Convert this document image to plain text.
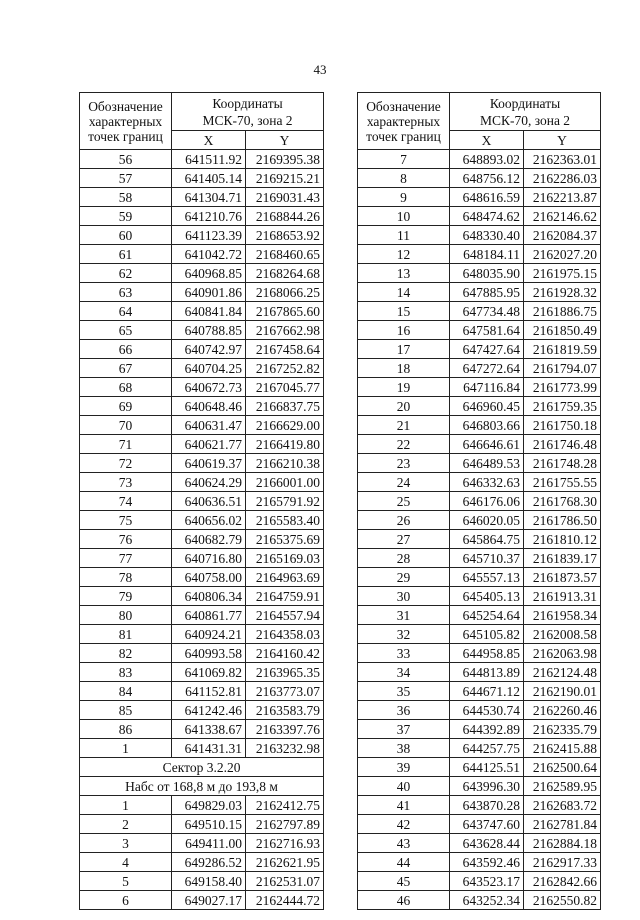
43
Обозначение
характерных
точек границ	Координаты
МСК-70, зона 2	
	X	Y
56	641511.92	2169395.38
57	641405.14	2169215.21
58	641304.71	2169031.43
59	641210.76	2168844.26
60	641123.39	2168653.92
61	641042.72	2168460.65
62	640968.85	2168264.68
63	640901.86	2168066.25
64	640841.84	2167865.60
65	640788.85	2167662.98
66	640742.97	2167458.64
67	640704.25	2167252.82
68	640672.73	2167045.77
69	640648.46	2166837.75
70	640631.47	2166629.00
71	640621.77	2166419.80
72	640619.37	2166210.38
73	640624.29	2166001.00
74	640636.51	2165791.92
75	640656.02	2165583.40
76	640682.79	2165375.69
77	640716.80	2165169.03
78	640758.00	2164963.69
79	640806.34	2164759.91
80	640861.77	2164557.94
81	640924.21	2164358.03
82	640993.58	2164160.42
83	641069.82	2163965.35
84	641152.81	2163773.07
85	641242.46	2163583.79
86	641338.67	2163397.76
1	641431.31	2163232.98
Сектор 3.2.20		
Набс от 168,8 м до 193,8 м		
1	649829.03	2162412.75
2	649510.15	2162797.89
3	649411.00	2162716.93
4	649286.52	2162621.95
5	649158.40	2162531.07
6	649027.17	2162444.72
Обозначение
характерных
точек границ	Координаты
МСК-70, зона 2	
	X	Y
7	648893.02	2162363.01
8	648756.12	2162286.03
9	648616.59	2162213.87
10	648474.62	2162146.62
11	648330.40	2162084.37
12	648184.11	2162027.20
13	648035.90	2161975.15
14	647885.95	2161928.32
15	647734.48	2161886.75
16	647581.64	2161850.49
17	647427.64	2161819.59
18	647272.64	2161794.07
19	647116.84	2161773.99
20	646960.45	2161759.35
21	646803.66	2161750.18
22	646646.61	2161746.48
23	646489.53	2161748.28
24	646332.63	2161755.55
25	646176.06	2161768.30
26	646020.05	2161786.50
27	645864.75	2161810.12
28	645710.37	2161839.17
29	645557.13	2161873.57
30	645405.13	2161913.31
31	645254.64	2161958.34
32	645105.82	2162008.58
33	644958.85	2162063.98
34	644813.89	2162124.48
35	644671.12	2162190.01
36	644530.74	2162260.46
37	644392.89	2162335.79
38	644257.75	2162415.88
39	644125.51	2162500.64
40	643996.30	2162589.95
41	643870.28	2162683.72
42	643747.60	2162781.84
43	643628.44	2162884.18
44	643592.46	2162917.33
45	643523.17	2162842.66
46	643252.34	2162550.82
